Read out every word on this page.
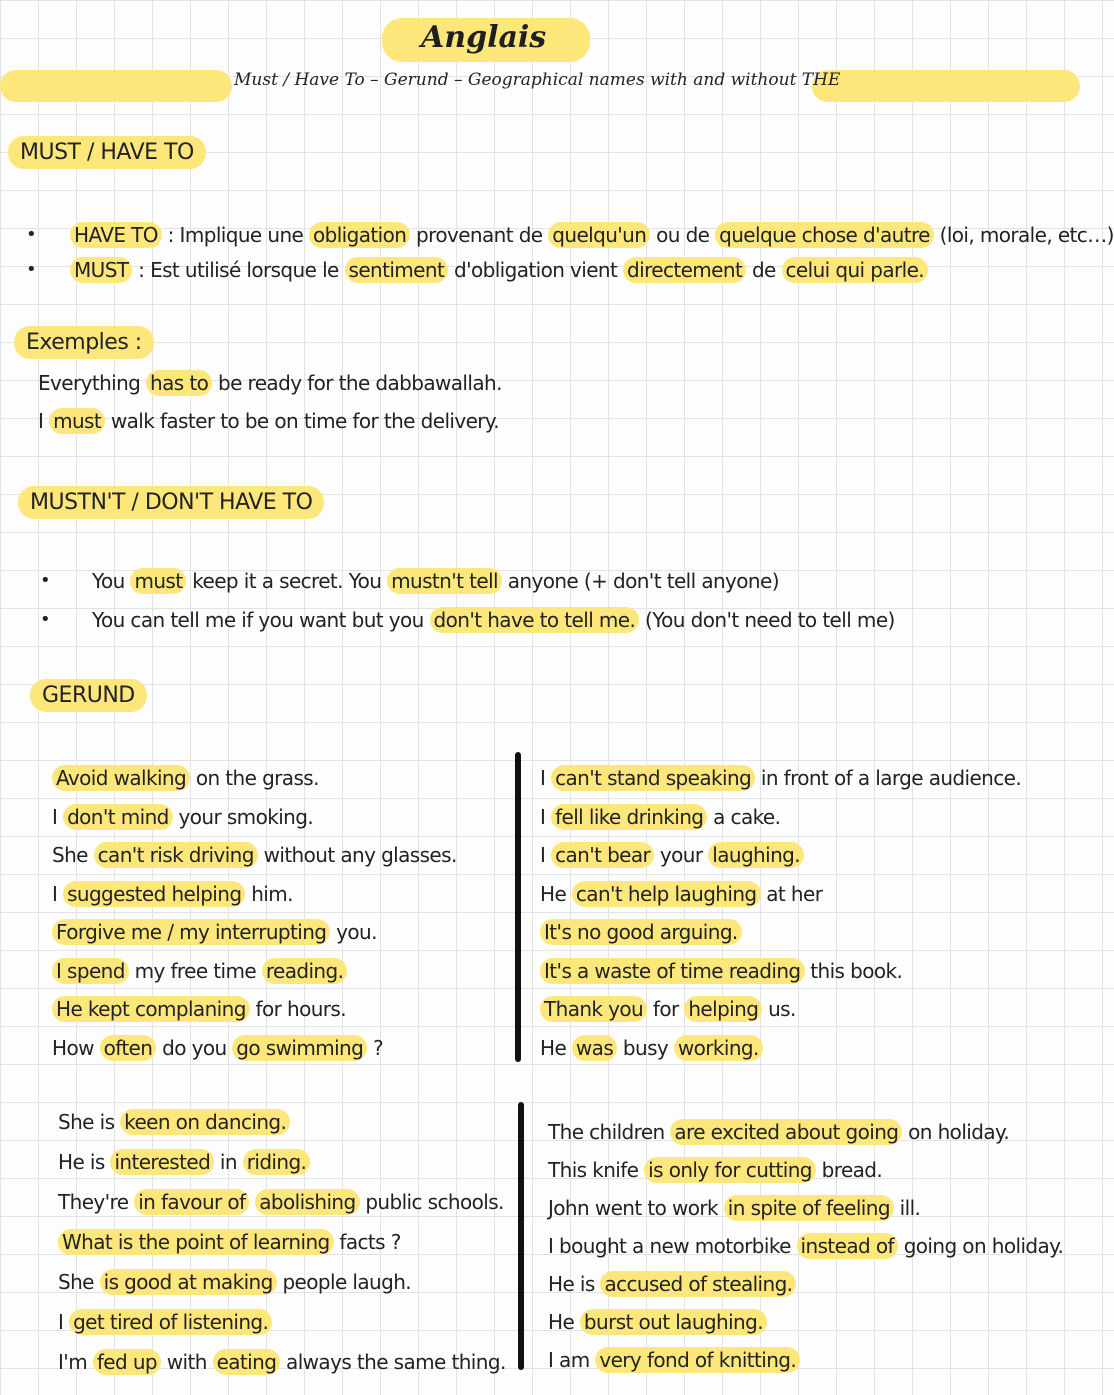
Anglais
Must / Have To – Gerund – Geographical names with and without THE
MUST / HAVE TO
Exemples :
MUSTN'T / DON'T HAVE TO
GERUND
Avoid walking on the grass.
I don't mind your smoking.
She can't risk driving without any glasses.
I suggested helping him.
Forgive me / my interrupting you.
I spend my free time reading.
He kept complaning for hours.
How often do you go swimming ?
I can't stand speaking in front of a large audience.
I fell like drinking a cake.
I can't bear your laughing.
He can't help laughing at her
It's no good arguing.
It's a waste of time reading this book.
Thank you for helping us.
He was busy working.
She is keen on dancing.
He is interested in riding.
They're in favour of abolishing public schools.
What is the point of learning facts ?
She is good at making people laugh.
I get tired of listening.
I'm fed up with eating always the same thing.
The children are excited about going on holiday.
This knife is only for cutting bread.
John went to work in spite of feeling ill.
I bought a new motorbike instead of going on holiday.
He is accused of stealing.
He burst out laughing.
I am very fond of knitting.
HAVE TO : Implique une obligation provenant de quelqu'un ou de quelque chose d'autre (loi, morale, etc…)
•
MUST : Est utilisé lorsque le sentiment d'obligation vient directement de celui qui parle.
•
Everything has to be ready for the dabbawallah.
I must walk faster to be on time for the delivery.
You must keep it a secret. You mustn't tell anyone (+ don't tell anyone)
•
You can tell me if you want but you don't have to tell me. (You don't need to tell me)
•
